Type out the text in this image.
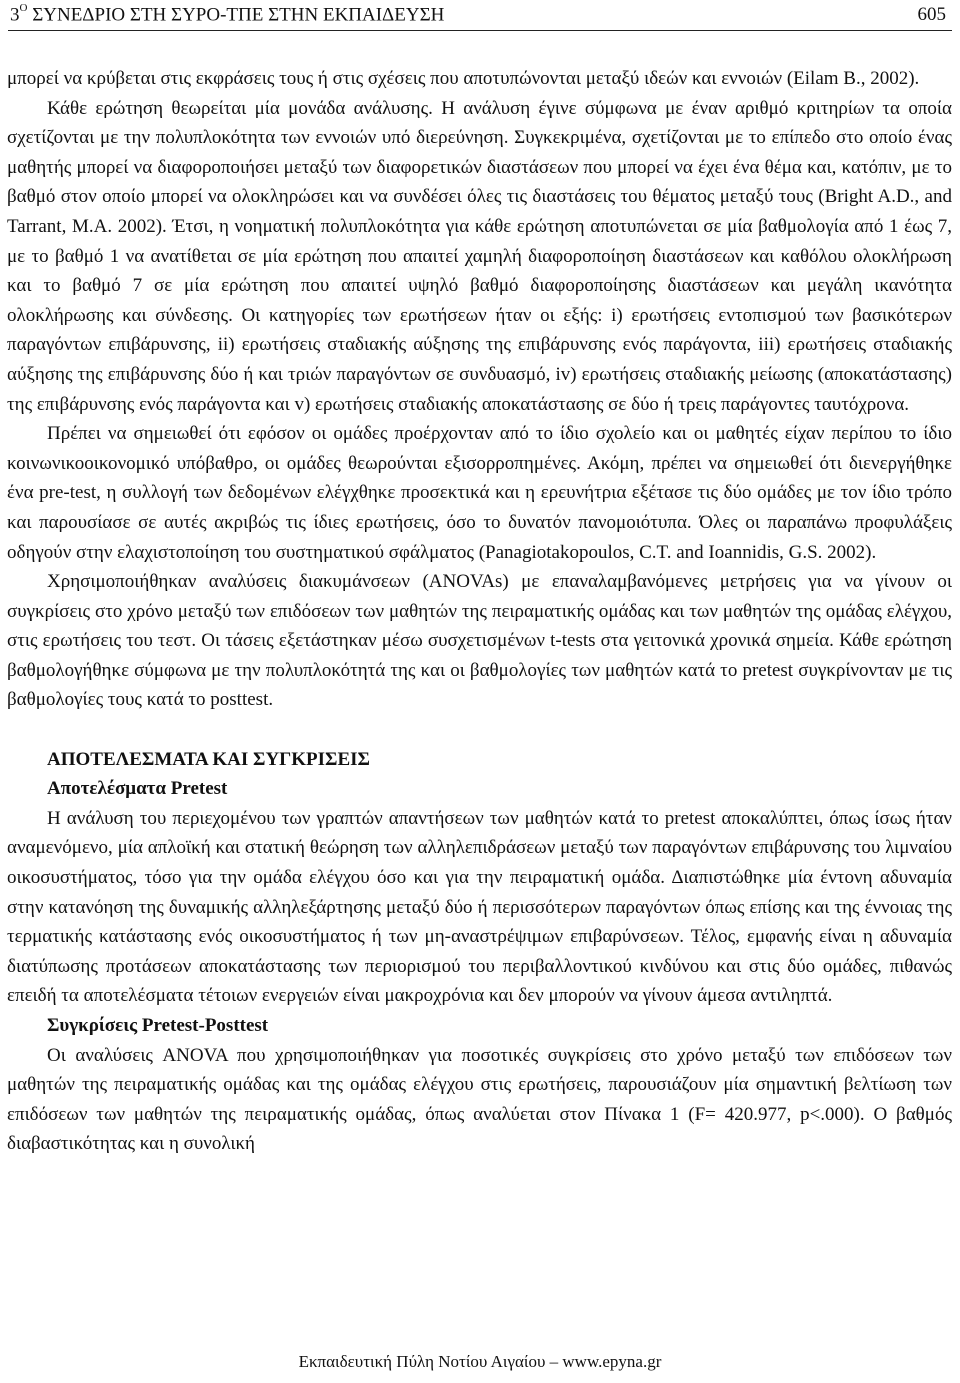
$3^O$ ΣΥΝΕΔΡΙΟ ΣΤΗ ΣΥΡΟ-ΤΠΕ ΣΤΗΝ ΕΚΠΑΙΔΕΥΣΗ	605

μπορεί να κρύβεται στις εκφράσεις τους ή στις σχέσεις που αποτυπώνονται μεταξύ ιδεών και εννοιών (Eilam B., 2002).

Κάθε ερώτηση θεωρείται μία μονάδα ανάλυσης. Η ανάλυση έγινε σύμφωνα με έναν αριθμό κριτηρίων τα οποία σχετίζονται με την πολυπλοκότητα των εννοιών υπό διερεύνηση. Συγκεκριμένα, σχετίζονται με το επίπεδο στο οποίο ένας μαθητής μπορεί να διαφοροποιήσει μεταξύ των διαφορετικών διαστάσεων που μπορεί να έχει ένα θέμα και, κατόπιν, με το βαθμό στον οποίο μπορεί να ολοκληρώσει και να συνδέσει όλες τις διαστάσεις του θέματος μεταξύ τους (Bright A.D., and Tarrant, M.A. 2002). Έτσι, η νοηματική πολυπλοκότητα για κάθε ερώτηση αποτυπώνεται σε μία βαθμολογία από 1 έως 7, με το βαθμό 1 να ανατίθεται σε μία ερώτηση που απαιτεί χαμηλή διαφοροποίηση διαστάσεων και καθόλου ολοκλήρωση και το βαθμό 7 σε μία ερώτηση που απαιτεί υψηλό βαθμό διαφοροποίησης διαστάσεων και μεγάλη ικανότητα ολοκλήρωσης και σύνδεσης. Οι κατηγορίες των ερωτήσεων ήταν οι εξής: i) ερωτήσεις εντοπισμού των βασικότερων παραγόντων επιβάρυνσης, ii) ερωτήσεις σταδιακής αύξησης της επιβάρυνσης ενός παράγοντα, iii) ερωτήσεις σταδιακής αύξησης της επιβάρυνσης δύο ή και τριών παραγόντων σε συνδυασμό, iv) ερωτήσεις σταδιακής μείωσης (αποκατάστασης) της επιβάρυνσης ενός παράγοντα και v) ερωτήσεις σταδιακής αποκατάστασης σε δύο ή τρεις παράγοντες ταυτόχρονα.

Πρέπει να σημειωθεί ότι εφόσον οι ομάδες προέρχονταν από το ίδιο σχολείο και οι μαθητές είχαν περίπου το ίδιο κοινωνικοοικονομικό υπόβαθρο, οι ομάδες θεωρούνται εξισορροπημένες. Ακόμη, πρέπει να σημειωθεί ότι διενεργήθηκε ένα pre-test, η συλλογή των δεδομένων ελέγχθηκε προσεκτικά και η ερευνήτρια εξέτασε τις δύο ομάδες με τον ίδιο τρόπο και παρουσίασε σε αυτές ακριβώς τις ίδιες ερωτήσεις, όσο το δυνατόν πανομοιότυπα. Όλες οι παραπάνω προφυλάξεις οδηγούν στην ελαχιστοποίηση του συστηματικού σφάλματος (Panagiotakopoulos, C.T. and Ioannidis, G.S. 2002).

Χρησιμοποιήθηκαν αναλύσεις διακυμάνσεων (ANOVAs) με επαναλαμβανόμενες μετρήσεις για να γίνουν οι συγκρίσεις στο χρόνο μεταξύ των επιδόσεων των μαθητών της πειραματικής ομάδας και των μαθητών της ομάδας ελέγχου, στις ερωτήσεις του τεστ. Οι τάσεις εξετάστηκαν μέσω συσχετισμένων t-tests στα γειτονικά χρονικά σημεία. Κάθε ερώτηση βαθμολογήθηκε σύμφωνα με την πολυπλοκότητά της και οι βαθμολογίες των μαθητών κατά το pretest συγκρίνονταν με τις βαθμολογίες τους κατά το posttest.

ΑΠΟΤΕΛΕΣΜΑΤΑ ΚΑΙ ΣΥΓΚΡΙΣΕΙΣ
Αποτελέσματα Pretest

Η ανάλυση του περιεχομένου των γραπτών απαντήσεων των μαθητών κατά το pretest αποκαλύπτει, όπως ίσως ήταν αναμενόμενο, μία απλοϊκή και στατική θεώρηση των αλληλεπιδράσεων μεταξύ των παραγόντων επιβάρυνσης του λιμναίου οικοσυστήματος, τόσο για την ομάδα ελέγχου όσο και για την πειραματική ομάδα. Διαπιστώθηκε μία έντονη αδυναμία στην κατανόηση της δυναμικής αλληλεξάρτησης μεταξύ δύο ή περισσότερων παραγόντων όπως επίσης και της έννοιας της τερματικής κατάστασης ενός οικοσυστήματος ή των μη-αναστρέψιμων επιβαρύνσεων. Τέλος, εμφανής είναι η αδυναμία διατύπωσης προτάσεων αποκατάστασης των περιορισμού του περιβαλλοντικού κινδύνου και στις δύο ομάδες, πιθανώς επειδή τα αποτελέσματα τέτοιων ενεργειών είναι μακροχρόνια και δεν μπορούν να γίνουν άμεσα αντιληπτά.

Συγκρίσεις Pretest-Posttest

Οι αναλύσεις ANOVA που χρησιμοποιήθηκαν για ποσοτικές συγκρίσεις στο χρόνο μεταξύ των επιδόσεων των μαθητών της πειραματικής ομάδας και της ομάδας ελέγχου στις ερωτήσεις, παρουσιάζουν μία σημαντική βελτίωση των επιδόσεων των μαθητών της πειραματικής ομάδας, όπως αναλύεται στον Πίνακα 1 (F= 420.977, p<.000). Ο βαθμός διαβαστικότητας και η συνολική

Εκπαιδευτική Πύλη Νοτίου Αιγαίου – www.epyna.gr
